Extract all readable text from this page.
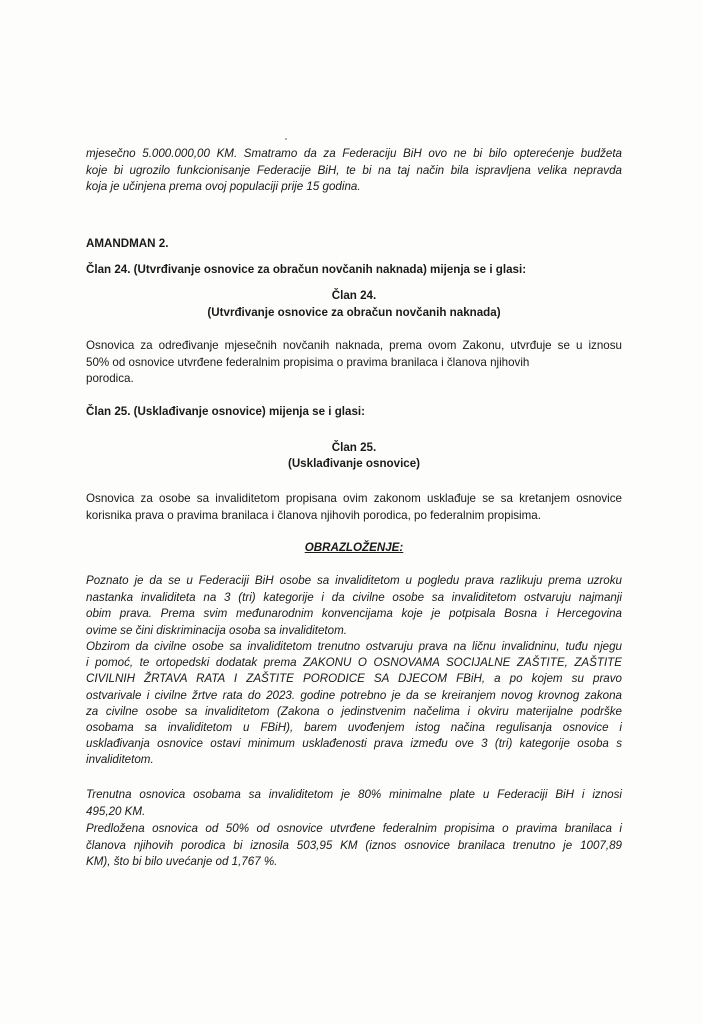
mjesečno 5.000.000,00 KM. Smatramo da za Federaciju BiH ovo ne bi bilo opterećenje budžeta
koje bi ugrozilo funkcionisanje Federacije BiH, te bi na taj način bila ispravljena velika nepravda
koja je učinjena prema ovoj populaciji prije 15 godina.
AMANDMAN 2.
Član 24. (Utvrđivanje osnovice za obračun novčanih naknada) mijenja se i glasi:
Član 24.
(Utvrđivanje osnovice za obračun novčanih naknada)
Osnovica za određivanje mjesečnih novčanih naknada, prema ovom Zakonu, utvrđuje se u iznosu
50% od osnovice utvrđene federalnim propisima o pravima branilaca i članova njihovih
porodica.
Član 25. (Usklađivanje osnovice) mijenja se i glasi:
Član 25.
(Usklađivanje osnovice)
Osnovica za osobe sa invaliditetom propisana ovim zakonom usklađuje se sa kretanjem osnovice
korisnika prava o pravima branilaca i članova njihovih porodica, po federalnim propisima.
OBRAZLOŽENJE:
Poznato je da se u Federaciji BiH osobe sa invaliditetom u pogledu prava razlikuju prema uzroku
nastanka invaliditeta na 3 (tri) kategorije i da civilne osobe sa invaliditetom ostvaruju najmanji
obim prava. Prema svim međunarodnim konvencijama koje je potpisala Bosna i Hercegovina
ovime se čini diskriminacija osoba sa invaliditetom.
Obzirom da civilne osobe sa invaliditetom trenutno ostvaruju prava na ličnu invalidninu, tuđu njegu
i pomoć, te ortopedski dodatak prema ZAKONU O OSNOVAMA SOCIJALNE ZAŠTITE, ZAŠTITE
CIVILNIH ŽRTAVA RATA I ZAŠTITE PORODICE SA DJECOM FBiH, a po kojem su pravo
ostvarivale i civilne žrtve rata do 2023. godine potrebno je da se kreiranjem novog krovnog zakona
za civilne osobe sa invaliditetom (Zakona o jedinstvenim načelima i okviru materijalne podrške
osobama sa invaliditetom u FBiH), barem uvođenjem istog načina regulisanja osnovice i
usklađivanja osnovice ostavi minimum usklađenosti prava između ove 3 (tri) kategorije osoba s
invaliditetom.
Trenutna osnovica osobama sa invaliditetom je 80% minimalne plate u Federaciji BiH i iznosi
495,20 KM.
Predložena osnovica od 50% od osnovice utvrđene federalnim propisima o pravima branilaca i
članova njihovih porodica bi iznosila 503,95 KM (iznos osnovice branilaca trenutno je 1007,89
KM), što bi bilo uvećanje od 1,767 %.
